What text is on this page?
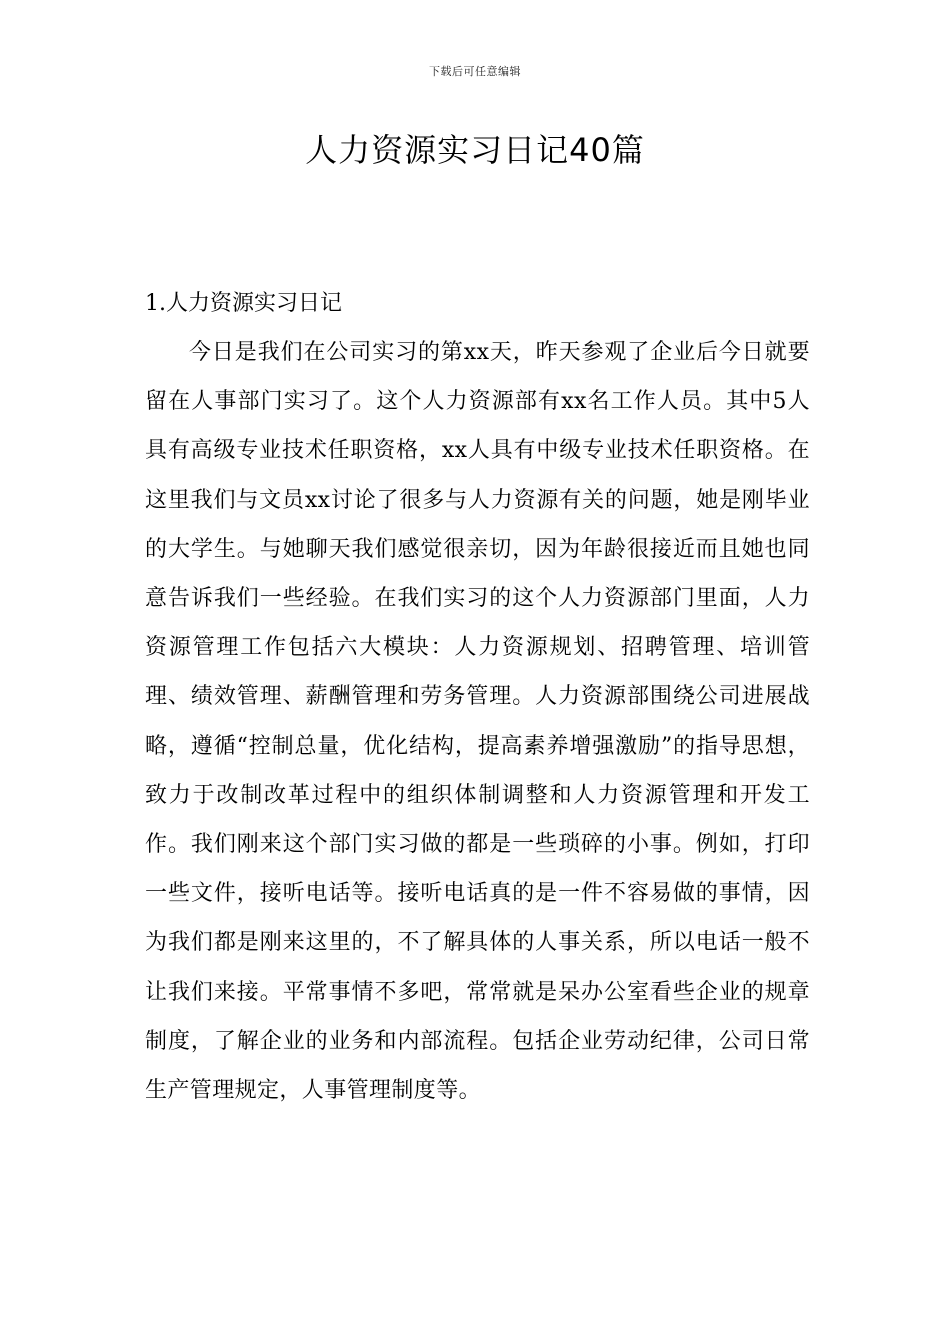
下载后可任意编辑
人力资源实习日记40篇
1.人力资源实习日记

今日是我们在公司实习的第xx天，昨天参观了企业后今日就要留在人事部门实习了。这个人力资源部有xx名工作人员。其中5人具有高级专业技术任职资格，xx人具有中级专业技术任职资格。在这里我们与文员xx讨论了很多与人力资源有关的问题，她是刚毕业的大学生。与她聊天我们感觉很亲切，因为年龄很接近而且她也同意告诉我们一些经验。在我们实习的这个人力资源部门里面，人力资源管理工作包括六大模块：人力资源规划、招聘管理、培训管理、绩效管理、薪酬管理和劳务管理。人力资源部围绕公司进展战略，遵循“控制总量，优化结构，提高素养增强激励”的指导思想，致力于改制改革过程中的组织体制调整和人力资源管理和开发工作。我们刚来这个部门实习做的都是一些琐碎的小事。例如，打印一些文件，接听电话等。接听电话真的是一件不容易做的事情，因为我们都是刚来这里的，不了解具体的人事关系，所以电话一般不让我们来接。平常事情不多吧，常常就是呆办公室看些企业的规章制度，了解企业的业务和内部流程。包括企业劳动纪律，公司日常生产管理规定，人事管理制度等。
